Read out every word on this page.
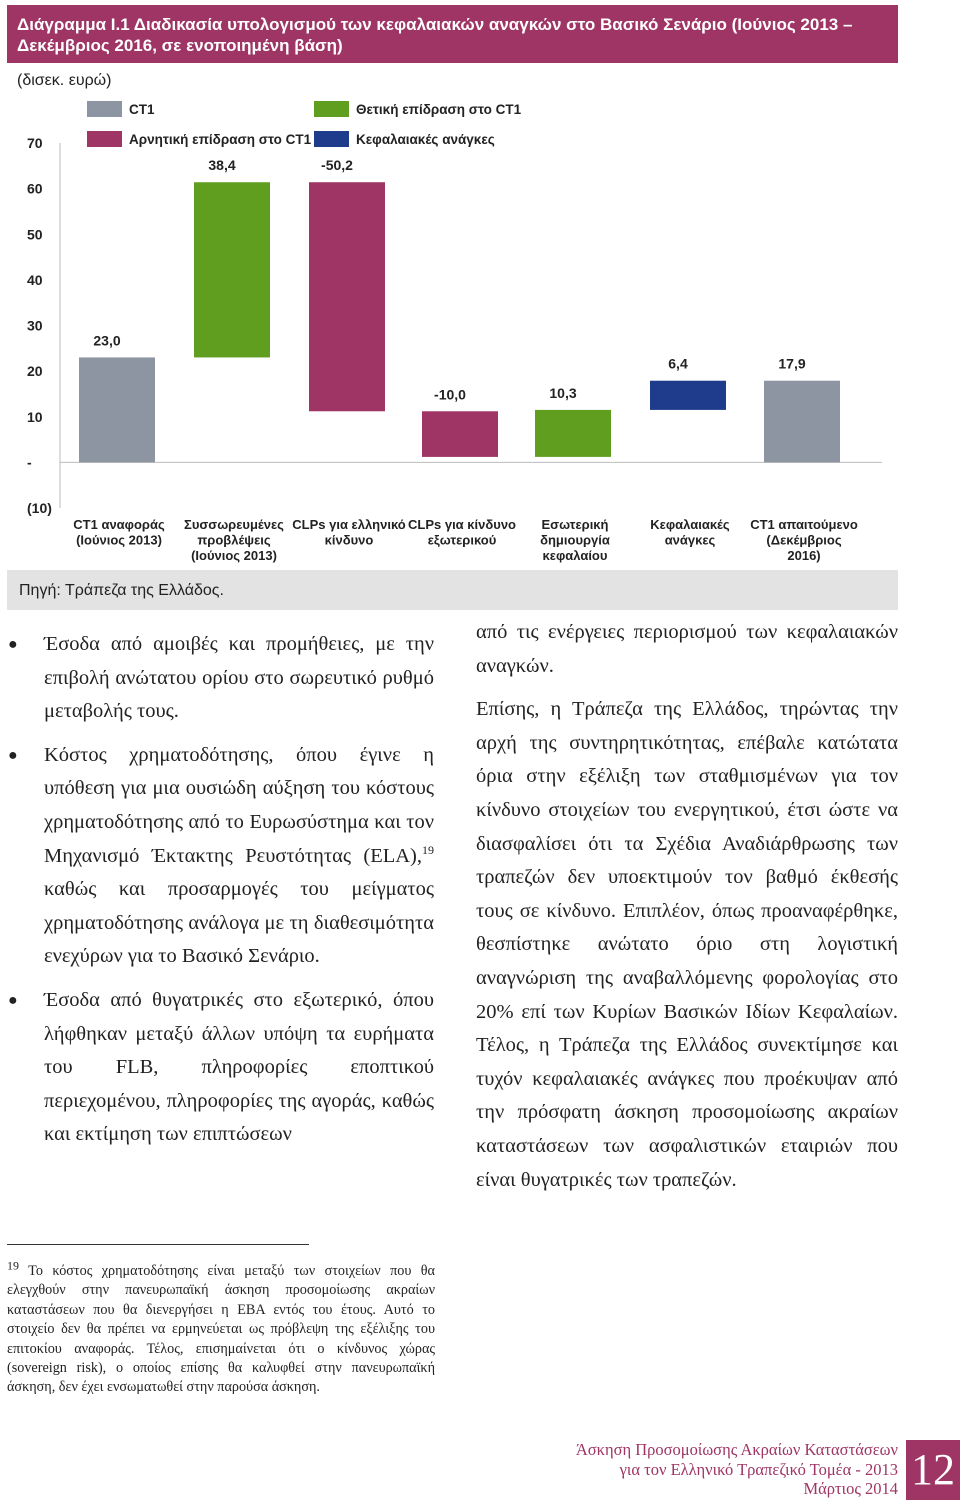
Διάγραμμα Ι.1 Διαδικασία υπολογισμού των κεφαλαιακών αναγκών στο Βασικό Σενάριο (Ιούνιος 2013 – Δεκέμβριος 2016, σε ενοποιημένη βάση)
(δισεκ. ευρώ)
70
60
50
40
30
20
10
-
(10)
CT1	Θετική επίδραση στο CT1
Αρνητική επίδραση στο CT1	Κεφαλαιακές ανάγκες
23,0
38,4	-50,2
-10,0	10,3
6,4	17,9
CT1 αναφοράς (Ιούνιος 2013)
Συσσωρευμένες προβλέψεις (Ιούνιος 2013)
CLPs για ελληνικό κίνδυνο
CLPs για κίνδυνο εξωτερικού
Εσωτερική δημιουργία κεφαλαίου
Κεφαλαιακές ανάγκες
CT1 απαιτούμενο (Δεκέμβριος 2016)
Πηγή: Τράπεζα της Ελλάδος.
● Έσοδα από αμοιβές και προμήθειες, με την επιβολή ανώτατου ορίου στο σωρευτικό ρυθμό μεταβολής τους.
● Κόστος χρηματοδότησης, όπου έγινε η υπόθεση για μια ουσιώδη αύξηση του κόστους χρηματοδότησης από το Ευρωσύστημα και τον Μηχανισμό Έκτακτης Ρευστότητας (ELA),$^{19}$ καθώς και προσαρμογές του μείγματος χρηματοδότησης ανάλογα με τη διαθεσιμότητα ενεχύρων για το Βασικό Σενάριο.
● Έσοδα από θυγατρικές στο εξωτερικό, όπου λήφθηκαν μεταξύ άλλων υπόψη τα ευρήματα του FLB, πληροφορίες εποπτικού περιεχομένου, πληροφορίες της αγοράς, καθώς και εκτίμηση των επιπτώσεων

από τις ενέργειες περιορισμού των κεφαλαιακών αναγκών.

Επίσης, η Τράπεζα της Ελλάδος, τηρώντας την αρχή της συντηρητικότητας, επέβαλε κατώτατα όρια στην εξέλιξη των σταθμισμένων για τον κίνδυνο στοιχείων του ενεργητικού, έτσι ώστε να διασφαλίσει ότι τα Σχέδια Αναδιάρθρωσης των τραπεζών δεν υποεκτιμούν τον βαθμό έκθεσής τους σε κίνδυνο. Επιπλέον, όπως προαναφέρθηκε, θεσπίστηκε ανώτατο όριο στη λογιστική αναγνώριση της αναβαλλόμενης φορολογίας στο 20% επί των Κυρίων Βασικών Ιδίων Κεφαλαίων. Τέλος, η Τράπεζα της Ελλάδος συνεκτίμησε και τυχόν κεφαλαιακές ανάγκες που προέκυψαν από την πρόσφατη άσκηση προσομοίωσης ακραίων καταστάσεων των ασφαλιστικών εταιριών που είναι θυγατρικές των τραπεζών.

$^{19}$ Το κόστος χρηματοδότησης είναι μεταξύ των στοιχείων που θα ελεγχθούν στην πανευρωπαϊκή άσκηση προσομοίωσης ακραίων καταστάσεων που θα διενεργήσει η EBA εντός του έτους. Αυτό το στοιχείο δεν θα πρέπει να ερμηνεύεται ως πρόβλεψη της εξέλιξης του επιτοκίου αναφοράς. Τέλος, επισημαίνεται ότι ο κίνδυνος χώρας (sovereign risk), ο οποίος επίσης θα καλυφθεί στην πανευρωπαϊκή άσκηση, δεν έχει ενσωματωθεί στην παρούσα άσκηση.
Άσκηση Προσομοίωσης Ακραίων Καταστάσεων
για τον Ελληνικό Τραπεζικό Τομέα - 2013
Μάρτιος 2014 12
